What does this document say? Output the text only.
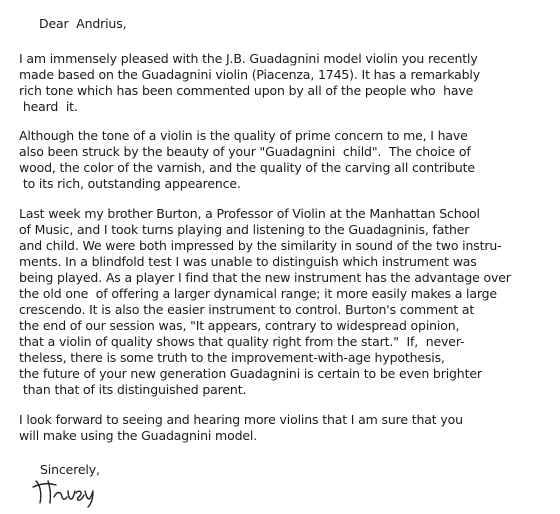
Dear  Andrius,
I am immensely pleased with the J.B. Guadagnini model violin you recently
made based on the Guadagnini violin (Piacenza, 1745). It has a remarkably
rich tone which has been commented upon by all of the people who  have
heard  it.
Although the tone of a violin is the quality of prime concern to me, I have
also been struck by the beauty of your "Guadagnini  child".  The choice of
wood, the color of the varnish, and the quality of the carving all contribute
to its rich, outstanding appearence.
Last week my brother Burton, a Professor of Violin at the Manhattan School
of Music, and I took turns playing and listening to the Guadagninis, father
and child. We were both impressed by the similarity in sound of the two instru-
ments. In a blindfold test I was unable to distinguish which instrument was
being played. As a player I find that the new instrument has the advantage over
the old one  of offering a larger dynamical range; it more easily makes a large
crescendo. It is also the easier instrument to control. Burton's comment at
the end of our session was, "It appears, contrary to widespread opinion,
that a violin of quality shows that quality right from the start."  If,  never-
theless, there is some truth to the improvement-with-age hypothesis,
the future of your new generation Guadagnini is certain to be even brighter
than that of its distinguished parent.
I look forward to seeing and hearing more violins that I am sure that you
will make using the Guadagnini model.
Sincerely,
